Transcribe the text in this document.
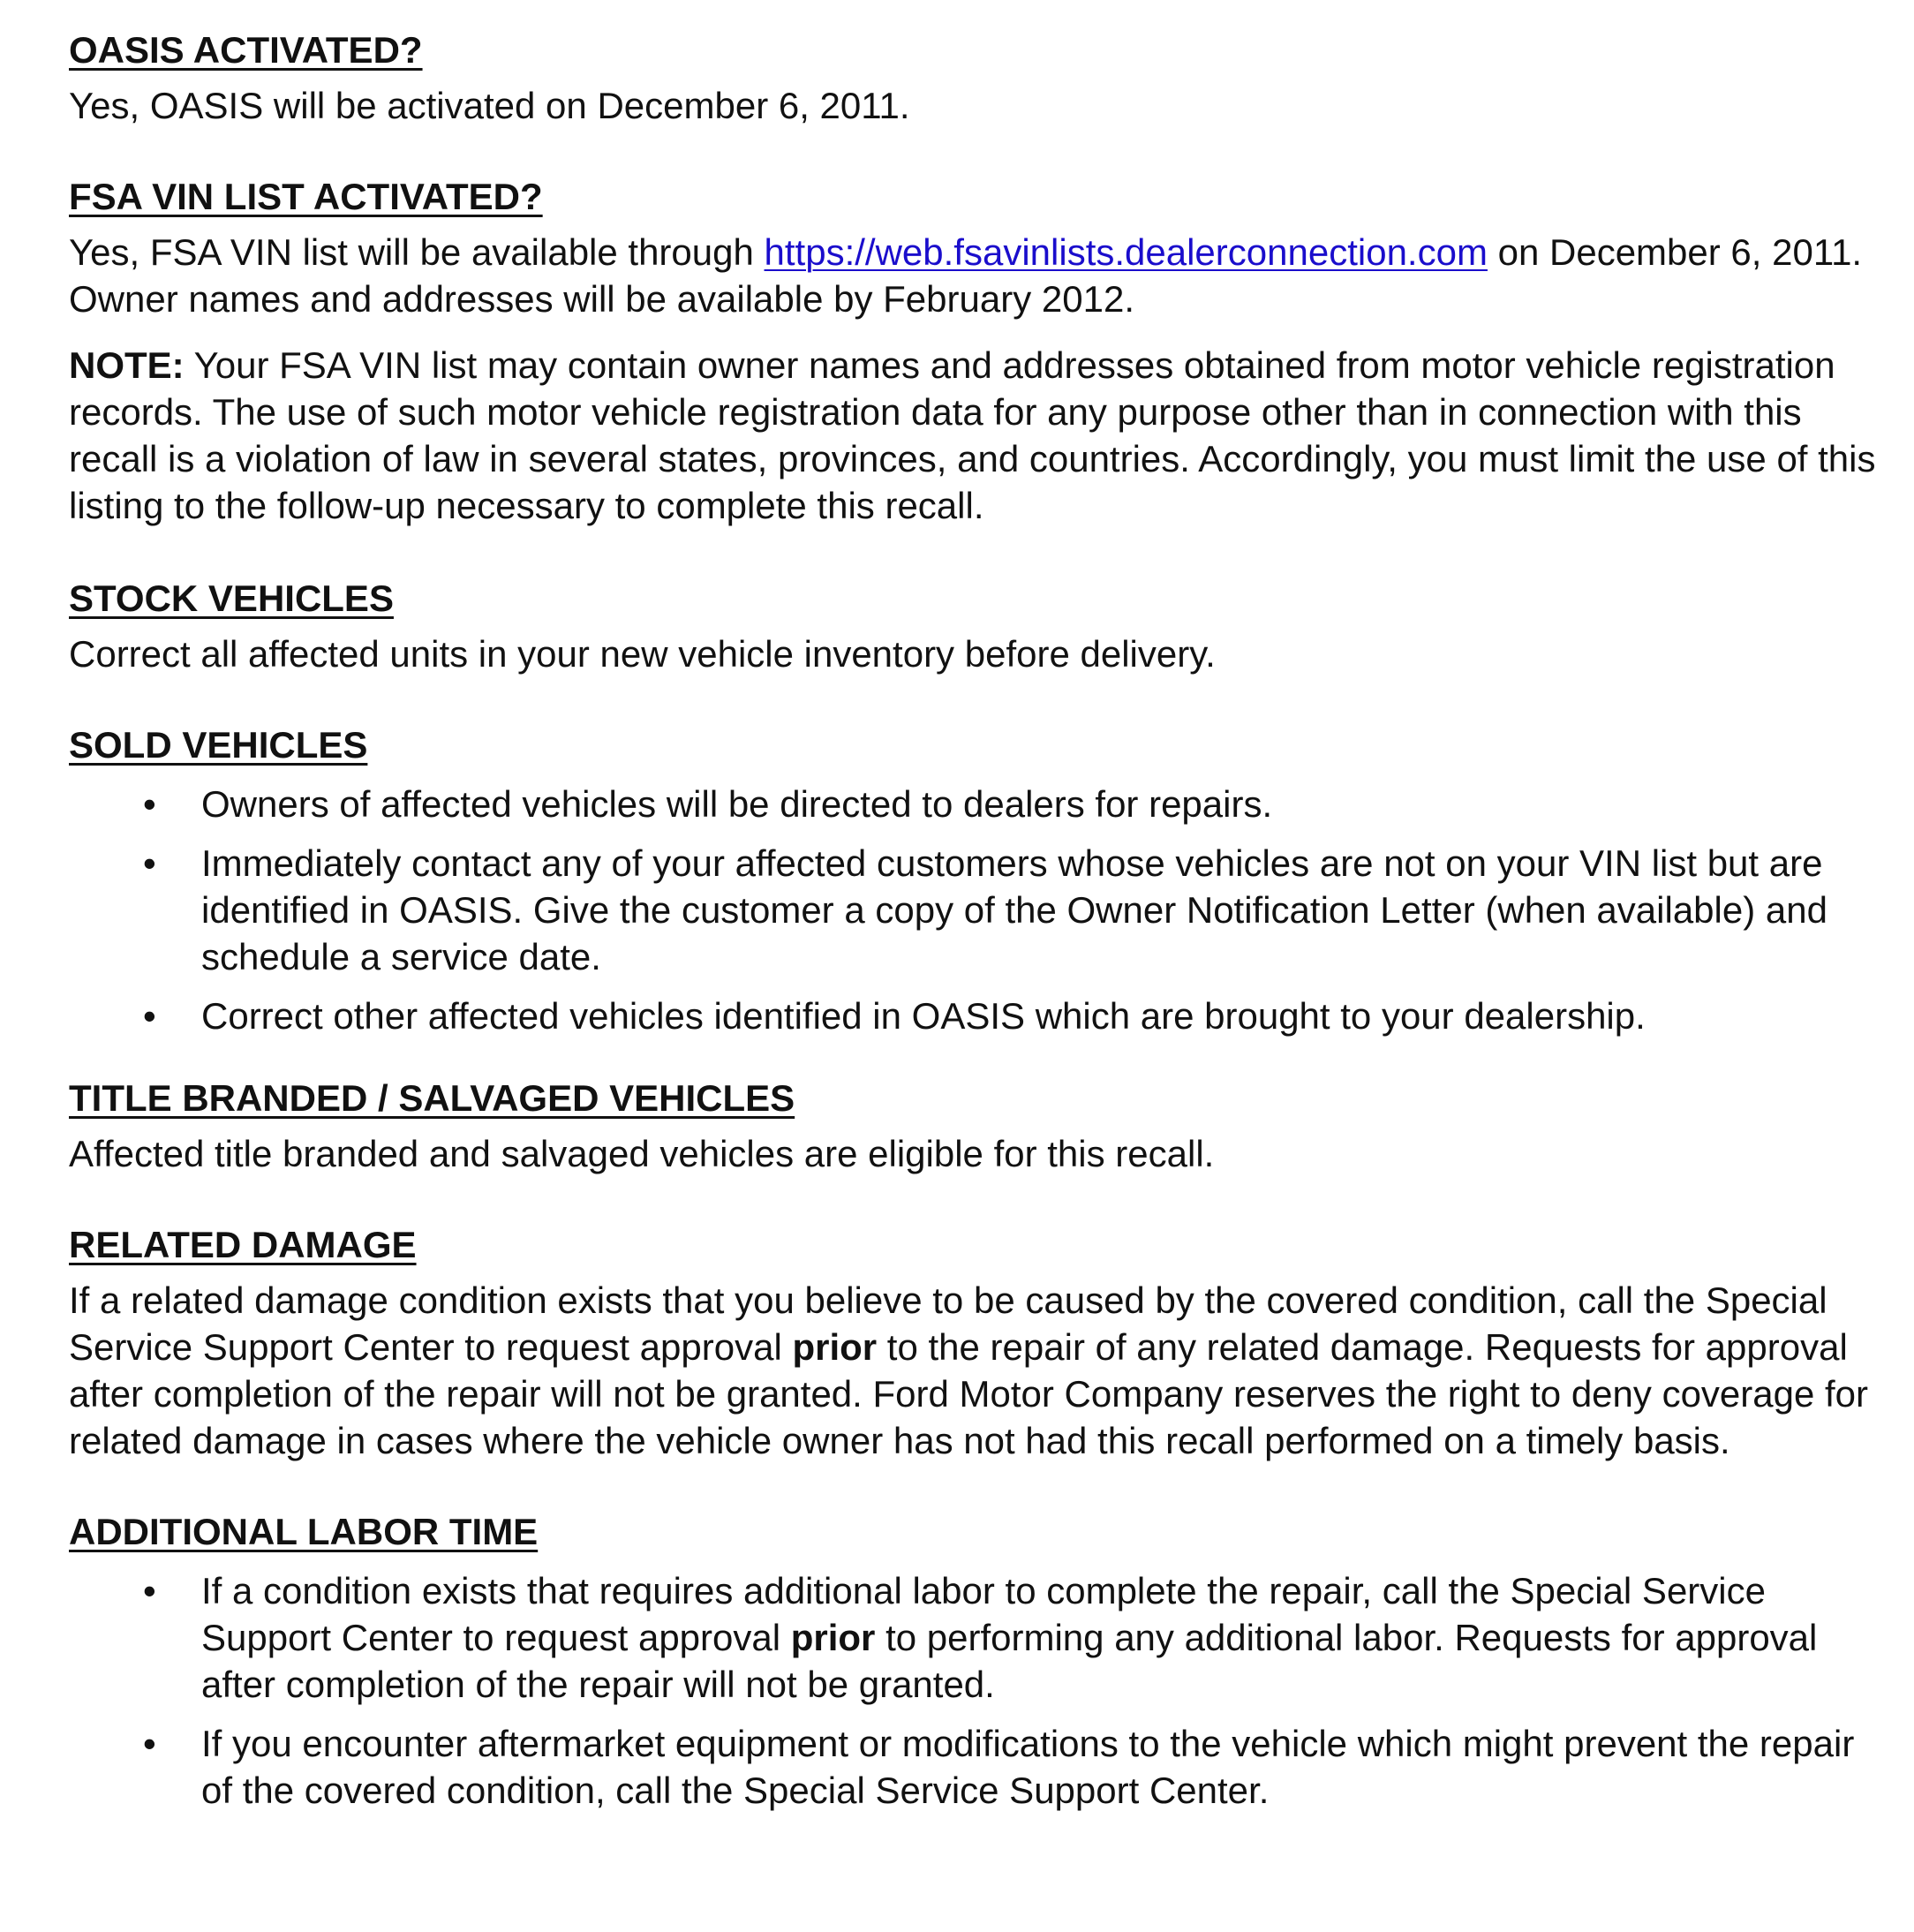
OASIS ACTIVATED?

Yes, OASIS will be activated on December 6, 2011.

FSA VIN LIST ACTIVATED?

Yes, FSA VIN list will be available through https://web.fsavinlists.dealerconnection.com on December 6, 2011. Owner names and addresses will be available by February 2012.

NOTE: Your FSA VIN list may contain owner names and addresses obtained from motor vehicle registration records. The use of such motor vehicle registration data for any purpose other than in connection with this recall is a violation of law in several states, provinces, and countries. Accordingly, you must limit the use of this listing to the follow-up necessary to complete this recall.

STOCK VEHICLES

Correct all affected units in your new vehicle inventory before delivery.

SOLD VEHICLES

• Owners of affected vehicles will be directed to dealers for repairs.
• Immediately contact any of your affected customers whose vehicles are not on your VIN list but are identified in OASIS. Give the customer a copy of the Owner Notification Letter (when available) and schedule a service date.
• Correct other affected vehicles identified in OASIS which are brought to your dealership.

TITLE BRANDED / SALVAGED VEHICLES

Affected title branded and salvaged vehicles are eligible for this recall.

RELATED DAMAGE

If a related damage condition exists that you believe to be caused by the covered condition, call the Special Service Support Center to request approval prior to the repair of any related damage. Requests for approval after completion of the repair will not be granted. Ford Motor Company reserves the right to deny coverage for related damage in cases where the vehicle owner has not had this recall performed on a timely basis.

ADDITIONAL LABOR TIME

• If a condition exists that requires additional labor to complete the repair, call the Special Service Support Center to request approval prior to performing any additional labor. Requests for approval after completion of the repair will not be granted.
• If you encounter aftermarket equipment or modifications to the vehicle which might prevent the repair of the covered condition, call the Special Service Support Center.
